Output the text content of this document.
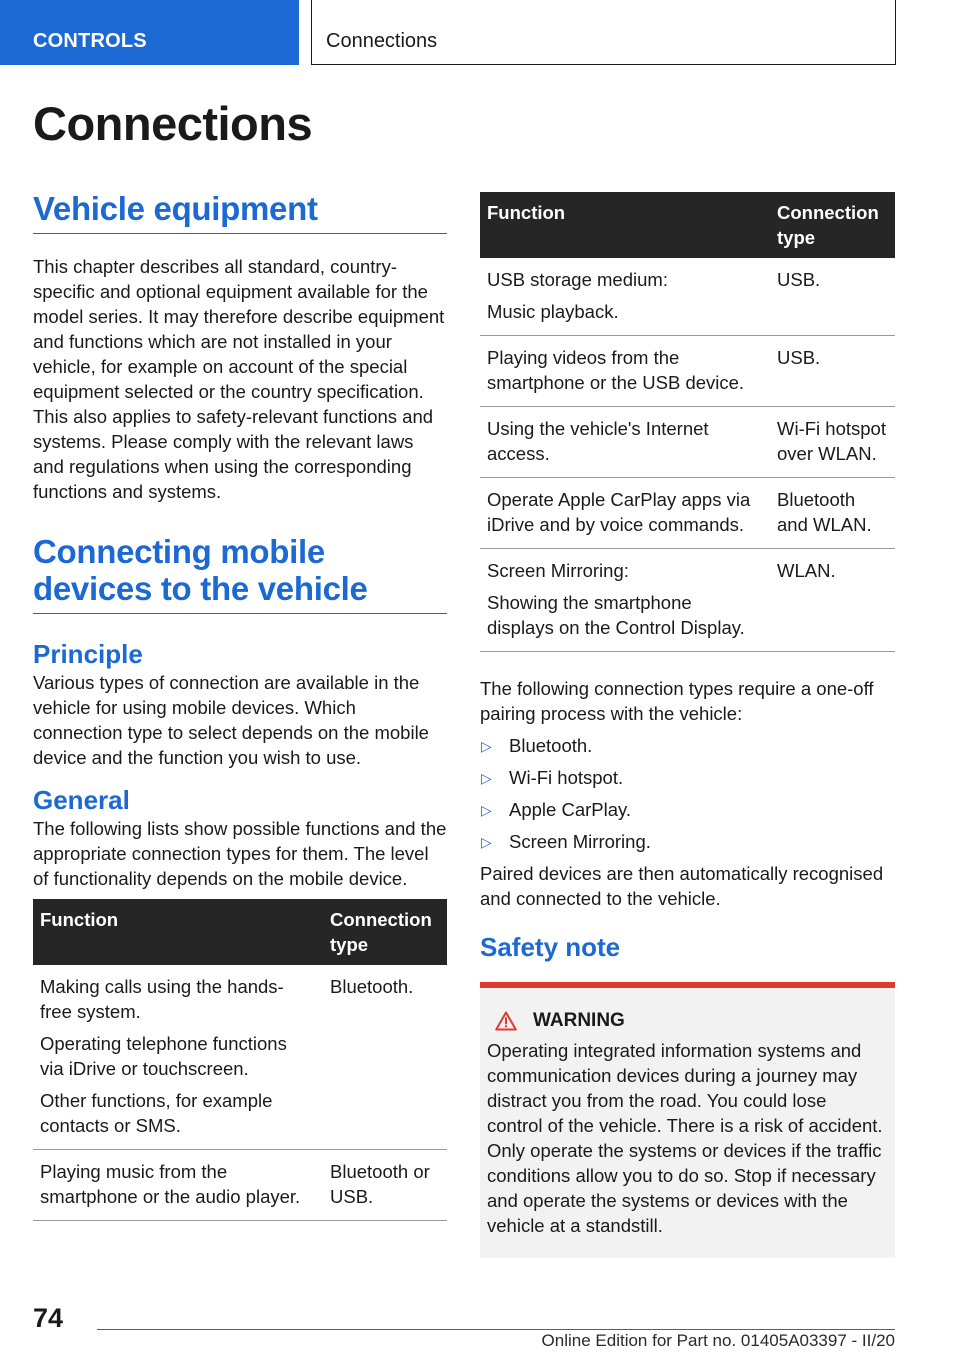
CONTROLS	Connections
Connections
Vehicle equipment

This chapter describes all standard, country-specific and optional equipment available for the model series. It may therefore describe equipment and functions which are not installed in your vehicle, for example on account of the special equipment selected or the country specification. This also applies to safety-relevant functions and systems. Please comply with the relevant laws and regulations when using the corresponding functions and systems.

Connecting mobile devices to the vehicle
Principle

Various types of connection are available in the vehicle for using mobile devices. Which connection type to select depends on the mobile device and the function you wish to use.

General

The following lists show possible functions and the appropriate connection types for them. The level of functionality depends on the mobile device.

Function	Connection type

Making calls using the hands-free system.
Operating telephone functions via iDrive or touchscreen.
Other functions, for example contacts or SMS.	Bluetooth.

Playing music from the smartphone or the audio player.	Bluetooth or USB.
Function	Connection type

USB storage medium:
Music playback.	USB.

Playing videos from the smartphone or the USB device.	USB.

Using the vehicle's Internet access.	Wi-Fi hotspot over WLAN.

Operate Apple CarPlay apps via iDrive and by voice commands.	Bluetooth and WLAN.

Screen Mirroring:
Showing the smartphone displays on the Control Display.	WLAN.

The following connection types require a one-off pairing process with the vehicle:

▷ Bluetooth.
▷ Wi-Fi hotspot.
▷ Apple CarPlay.
▷ Screen Mirroring.

Paired devices are then automatically recognised and connected to the vehicle.

Safety note
WARNING

Operating integrated information systems and communication devices during a journey may distract you from the road. You could lose control of the vehicle. There is a risk of accident. Only operate the systems or devices if the traffic conditions allow you to do so. Stop if necessary and operate the systems or devices with the vehicle at a standstill.

74
Online Edition for Part no. 01405A03397 - II/20
